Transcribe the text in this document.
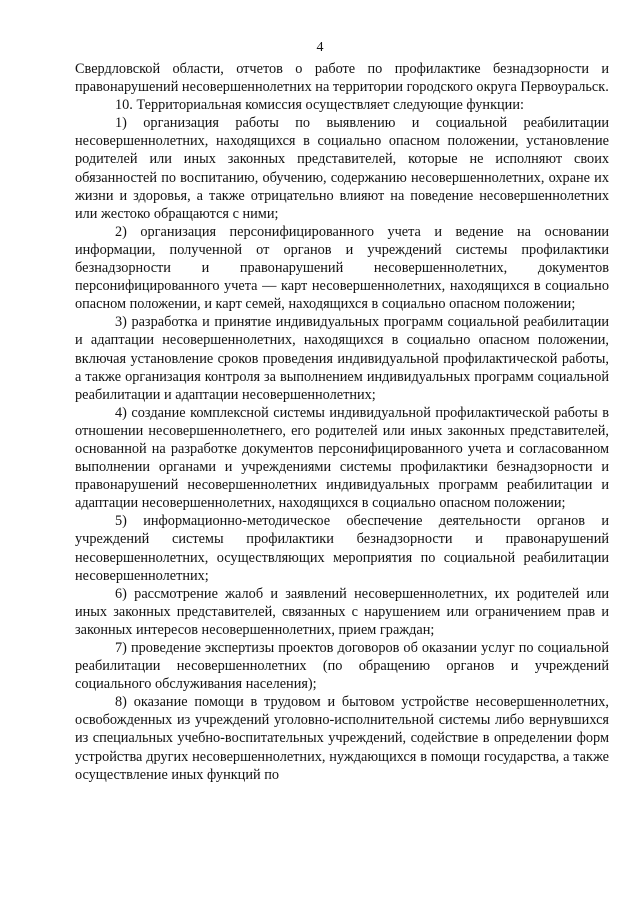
4

Свердловской области, отчетов о работе по профилактике безнадзорности и правонарушений несовершеннолетних на территории городского округа Первоуральск.

10. Территориальная комиссия осуществляет следующие функции:

1) организация работы по выявлению и социальной реабилитации несовершеннолетних, находящихся в социально опасном положении, установление родителей или иных законных представителей, которые не исполняют своих обязанностей по воспитанию, обучению, содержанию несовершеннолетних, охране их жизни и здоровья, а также отрицательно влияют на поведение несовершеннолетних или жестоко обращаются с ними;

2) организация персонифицированного учета и ведение на основании информации, полученной от органов и учреждений системы профилактики безнадзорности и правонарушений несовершеннолетних, документов персонифицированного учета — карт несовершеннолетних, находящихся в социально опасном положении, и карт семей, находящихся в социально опасном положении;

3) разработка и принятие индивидуальных программ социальной реабилитации и адаптации несовершеннолетних, находящихся в социально опасном положении, включая установление сроков проведения индивидуальной профилактической работы, а также организация контроля за выполнением индивидуальных программ социальной реабилитации и адаптации несовершеннолетних;

4) создание комплексной системы индивидуальной профилактической работы в отношении несовершеннолетнего, его родителей или иных законных представителей, основанной на разработке документов персонифицированного учета и согласованном выполнении органами и учреждениями системы профилактики безнадзорности и правонарушений несовершеннолетних индивидуальных программ реабилитации и адаптации несовершеннолетних, находящихся в социально опасном положении;

5) информационно-методическое обеспечение деятельности органов и учреждений системы профилактики безнадзорности и правонарушений несовершеннолетних, осуществляющих мероприятия по социальной реабилитации несовершеннолетних;

6) рассмотрение жалоб и заявлений несовершеннолетних, их родителей или иных законных представителей, связанных с нарушением или ограничением прав и законных интересов несовершеннолетних, прием граждан;

7) проведение экспертизы проектов договоров об оказании услуг по социальной реабилитации несовершеннолетних (по обращению органов и учреждений социального обслуживания населения);

8) оказание помощи в трудовом и бытовом устройстве несовершеннолетних, освобожденных из учреждений уголовно-исполнительной системы либо вернувшихся из специальных учебно-воспитательных учреждений, содействие в определении форм устройства других несовершеннолетних, нуждающихся в помощи государства, а также осуществление иных функций по
